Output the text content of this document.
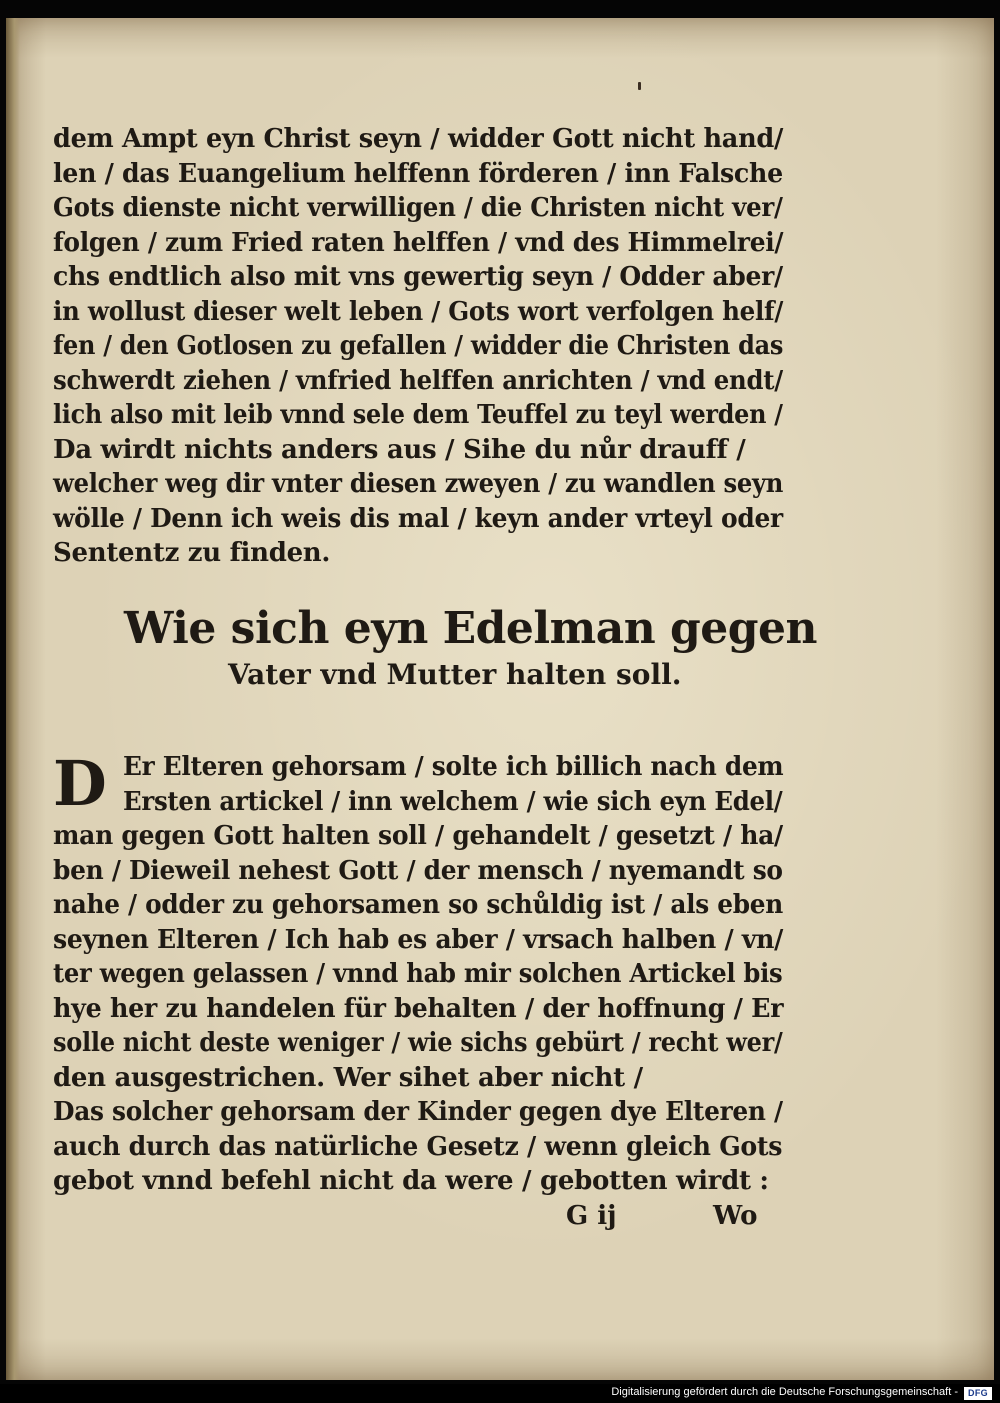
dem Ampt eyn Christ seyn / widder Gott nicht hand/
len / das Euangelium helffenn förderen / inn Falsche
Gots dienste nicht verwilligen / die Christen nicht ver/
folgen / zum Fried raten helffen / vnd des Himmelrei/
chs endtlich also mit vns gewertig seyn / Odder aber/
in wollust dieser welt leben / Gots wort verfolgen helf/
fen / den Gotlosen zu gefallen / widder die Christen das
schwerdt ziehen / vnfried helffen anrichten / vnd endt/
lich also mit leib vnnd sele dem Teuffel zu teyl werden /
Da wirdt nichts anders aus / Sihe du nůr drauff /
welcher weg dir vnter diesen zweyen / zu wandlen seyn
wölle / Denn ich weis dis mal / keyn ander vrteyl oder
Sententz zu finden.
Wie sich eyn Edelman gegen
Vater vnd Mutter halten soll.
D Er Elteren gehorsam / solte ich billich nach dem
Ersten artickel / inn welchem / wie sich eyn Edel/
man gegen Gott halten soll / gehandelt / gesetzt / ha/
ben / Dieweil nehest Gott / der mensch / nyemandt so
nahe / odder zu gehorsamen so schůldig ist / als eben
seynen Elteren / Ich hab es aber / vrsach halben / vn/
ter wegen gelassen / vnnd hab mir solchen Artickel bis
hye her zu handelen für behalten / der hoffnung / Er
solle nicht deste weniger / wie sichs gebürt / recht wer/
den ausgestrichen. Wer sihet aber nicht /
Das solcher gehorsam der Kinder gegen dye Elteren /
auch durch das natürliche Gesetz / wenn gleich Gots
gebot vnnd befehl nicht da were / gebotten wirdt :
G ij	Wo
Digitalisierung gefördert durch die Deutsche Forschungsgemeinschaft -	DFG
